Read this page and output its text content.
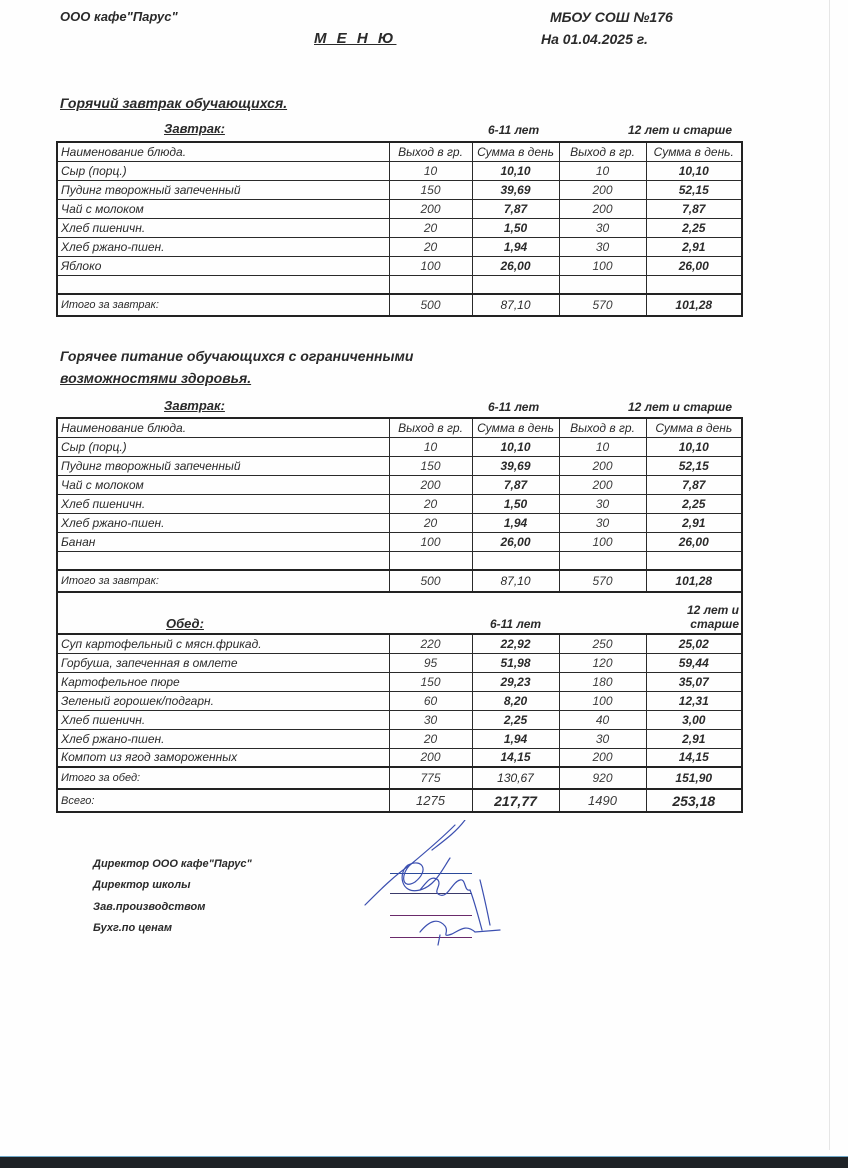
ООО кафе"Парус"	МБОУ СОШ №176
М Е Н Ю	На 01.04.2025 г.
Горячий завтрак обучающихся.
Завтрак:	6-11 лет	12 лет и старше
Наименование блюда.	Выход в гр.	Сумма в день	Выход в гр.	Сумма в день.
Сыр (порц.)	10	10,10	10	10,10
Пудинг творожный запеченный	150	39,69	200	52,15
Чай с молоком	200	7,87	200	7,87
Хлеб пшеничн.	20	1,50	30	2,25
Хлеб ржано-пшен.	20	1,94	30	2,91
Яблоко	100	26,00	100	26,00

Итого за завтрак:	500	87,10	570	101,28
Горячее питание обучающихся с ограниченными
возможностями здоровья.
Завтрак:	6-11 лет	12 лет и старше
Наименование блюда.	Выход в гр.	Сумма в день	Выход в гр.	Сумма в день
Сыр (порц.)	10	10,10	10	10,10
Пудинг творожный запеченный	150	39,69	200	52,15
Чай с молоком	200	7,87	200	7,87
Хлеб пшеничн.	20	1,50	30	2,25
Хлеб ржано-пшен.	20	1,94	30	2,91
Банан	100	26,00	100	26,00

Итого за завтрак:	500	87,10	570	101,28
Обед:		6-11 лет		12 лет и старше

Суп картофельный с мясн.фрикад.	220	22,92	250	25,02
Горбуша, запеченная в омлете	95	51,98	120	59,44
Картофельное пюре	150	29,23	180	35,07
Зеленый горошек/подгарн.	60	8,20	100	12,31
Хлеб пшеничн.	30	2,25	40	3,00
Хлеб ржано-пшен.	20	1,94	30	2,91
Компот из ягод замороженных	200	14,15	200	14,15
Итого за обед:	775	130,67	920	151,90
Всего:	1275	217,77	1490	253,18
Директор ООО кафе"Парус"
Директор школы
Зав.производством
Бухг.по ценам
